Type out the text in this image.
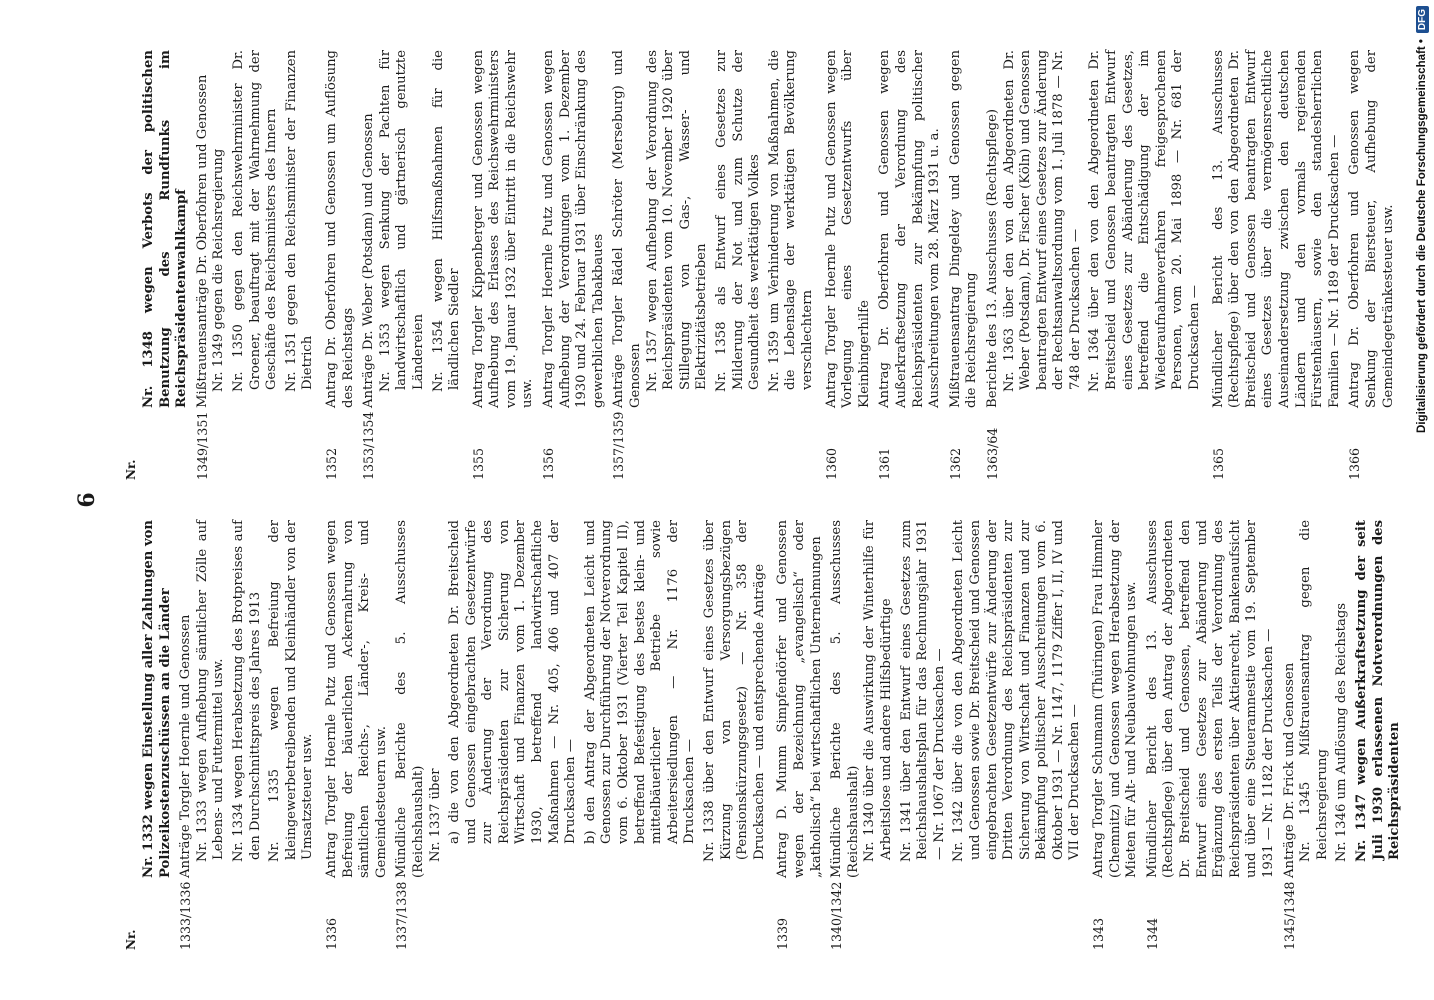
6
Nr.
Nr. 1332 wegen Einstellung aller Zahlungen von Polizeikostenzuschüssen an die Länder
1333/1336
Anträge Torgler Hoernle und Genossen Nr. 1333 wegen Aufhebung sämtlicher Zölle auf Lebens- und Futtermittel usw. Nr. 1334 wegen Herabsetzung des Brotpreises auf den Durchschnittspreis des Jahres 1913 Nr. 1335 wegen Befreiung der kleingewerbetreibenden und Kleinhändler von der Umsatzsteuer usw.
1336
Antrag Torgler Hoernle Putz und Genossen wegen Befreiung der bäuerlichen Ackernahrung von sämtlichen Reichs-, Länder-, Kreis- und Gemeindesteuern usw.
1337/1338
Mündliche Berichte des 5. Ausschusses (Reichshaushalt) Nr. 1337 über a) die von den Abgeordneten Dr. Breitscheid und Genossen eingebrachten Gesetzentwürfe zur Änderung der Verordnung des Reichspräsidenten zur Sicherung von Wirtschaft und Finanzen vom 1. Dezember 1930, betreffend landwirtschaftliche Maßnahmen — Nr. 405, 406 und 407 der Drucksachen — b) den Antrag der Abgeordneten Leicht und Genossen zur Durchführung der Notverordnung vom 6. Oktober 1931 (Vierter Teil Kapitel II), betreffend Befestigung des bestes klein- und mittelbäuerlicher Betriebe sowie Arbeitersiedlungen — Nr. 1176 der Drucksachen — Nr. 1338 über den Entwurf eines Gesetzes über Kürzung von Versorgungsbezügen (Pensionskürzungsgesetz) — Nr. 358 der Drucksachen — und entsprechende Anträge
1339
Antrag D. Mumm Simpfendörfer und Genossen wegen der Bezeichnung „evangelisch“ oder „katholisch“ bei wirtschaftlichen Unternehmungen
1340/1342
Mündliche Berichte des 5. Ausschusses (Reichshaushalt) Nr. 1340 über die Auswirkung der Winterhilfe für Arbeitslose und andere Hilfsbedürftige Nr. 1341 über den Entwurf eines Gesetzes zum Reichshaushaltsplan für das Rechnungsjahr 1931 — Nr. 1067 der Drucksachen — Nr. 1342 über die von den Abgeordneten Leicht und Genossen sowie Dr. Breitscheid und Genossen eingebrachten Gesetzentwürfe zur Änderung der Dritten Verordnung des Reichspräsidenten zur Sicherung von Wirtschaft und Finanzen und zur Bekämpfung politischer Ausschreitungen vom 6. Oktober 1931 — Nr. 1147, 1179 Ziffer I, II, IV und VII der Drucksachen —
1343
Antrag Torgler Schumann (Thüringen) Frau Himmler (Chemnitz) und Genossen wegen Herabsetzung der Mieten für Alt- und Neubauwohnungen usw.
1344
Mündlicher Bericht des 13. Ausschusses (Rechtspflege) über den Antrag der Abgeordneten Dr. Breitscheid und Genossen, betreffend den Entwurf eines Gesetzes zur Abänderung und Ergänzung des ersten Teils der Verordnung des Reichspräsidenten über Aktienrecht, Bankenaufsicht und über eine Steueramnestie vom 19. September 1931 — Nr. 1182 der Drucksachen —
1345/1348
Anträge Dr. Frick und Genossen Nr. 1345 Mißtrauensantrag gegen die Reichsregierung Nr. 1346 um Auflösung des Reichstags Nr. 1347 wegen Außerkraftsetzung der seit Juli 1930 erlassenen Notverordnungen des Reichspräsidenten
Nr.
Nr. 1348 wegen Verbots der politischen Benutzung des Rundfunks im Reichspräsidentenwahlkampf
1349/1351
Mißtrauensanträge Dr. Oberfohren und Genossen Nr. 1349 gegen die Reichsregierung Nr. 1350 gegen den Reichswehrminister Dr. Groener, beauftragt mit der Wahrnehmung der Geschäfte des Reichsministers des Innern Nr. 1351 gegen den Reichsminister der Finanzen Dietrich
1352
Antrag Dr. Oberfohren und Genossen um Auflösung des Reichstags
1353/1354
Anträge Dr. Weber (Potsdam) und Genossen Nr. 1353 wegen Senkung der Pachten für landwirtschaftlich und gärtnerisch genutzte Ländereien Nr. 1354 wegen Hilfsmaßnahmen für die ländlichen Siedler
1355
Antrag Torgler Kippenberger und Genossen wegen Aufhebung des Erlasses des Reichswehrministers vom 19. Januar 1932 über Eintritt in die Reichswehr usw.
1356
Antrag Torgler Hoernle Putz und Genossen wegen Aufhebung der Verordnungen vom 1. Dezember 1930 und 24. Februar 1931 über Einschränkung des gewerblichen Tabakbaues
1357/1359
Anträge Torgler Rädel Schröter (Merseburg) und Genossen Nr. 1357 wegen Aufhebung der Verordnung des Reichspräsidenten vom 10. November 1920 über Stillegung von Gas-, Wasser- und Elektrizitätsbetrieben Nr. 1358 als Entwurf eines Gesetzes zur Milderung der Not und zum Schutze der Gesundheit des werktätigen Volkes Nr. 1359 um Verhinderung von Maßnahmen, die die Lebenslage der werktätigen Bevölkerung verschlechtern
1360
Antrag Torgler Hoernle Putz und Genossen wegen Vorlegung eines Gesetzentwurfs über Kleinbingerhilfe
1361
Antrag Dr. Oberfohren und Genossen wegen Außerkraftsetzung der Verordnung des Reichspräsidenten zur Bekämpfung politischer Ausschreitungen vom 28. März 1931 u. a.
1362
Mißtrauensantrag Dingeldey und Genossen gegen die Reichsregierung
1363/64
Berichte des 13. Ausschusses (Rechtspflege) Nr. 1363 über den von den Abgeordneten Dr. Weber (Potsdam), Dr. Fischer (Köln) und Genossen beantragten Entwurf eines Gesetzes zur Änderung der Rechtsanwaltsordnung vom 1. Juli 1878 — Nr. 748 der Drucksachen — Nr. 1364 über den von den Abgeordneten Dr. Breitscheid und Genossen beantragten Entwurf eines Gesetzes zur Abänderung des Gesetzes, betreffend die Entschädigung der im Wiederaufnahmeverfahren freigesprochenen Personen, vom 20. Mai 1898 — Nr. 681 der Drucksachen —
1365
Mündlicher Bericht des 13. Ausschusses (Rechtspflege) über den von den Abgeordneten Dr. Breitscheid und Genossen beantragten Entwurf eines Gesetzes über die vermögensrechtliche Auseinandersetzung zwischen den deutschen Ländern und den vormals regierenden Fürstenhäusern, sowie den standesherrlichen Familien — Nr. 1189 der Drucksachen —
1366
Antrag Dr. Oberfohren und Genossen wegen Senkung der Biersteuer, Aufhebung der Gemeindegetränkesteuer usw. Digitalisierung gefördert durch die Deutsche Forschungsgemeinschaft •
DFG
